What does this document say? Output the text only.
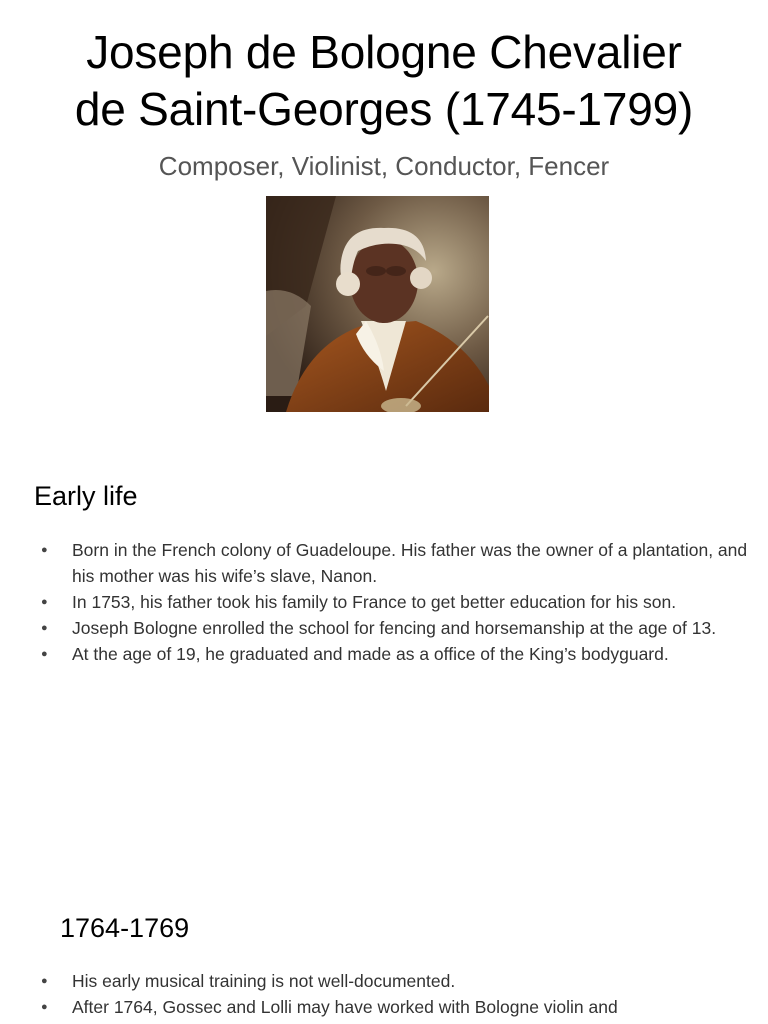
Joseph de Bologne Chevalier
de Saint-Georges (1745-1799)

Composer, Violinist, Conductor, Fencer

Early life
● Born in the French colony of Guadeloupe. His father was the owner of a plantation, and his mother was his wife’s slave, Nanon.
● In 1753, his father took his family to France to get better education for his son.
● Joseph Bologne enrolled the school for fencing and horsemanship at the age of 13.
● At the age of 19, he graduated and made as a office of the King’s bodyguard.
1764-1769
● His early musical training is not well-documented.
● After 1764, Gossec and Lolli may have worked with Bologne violin and
